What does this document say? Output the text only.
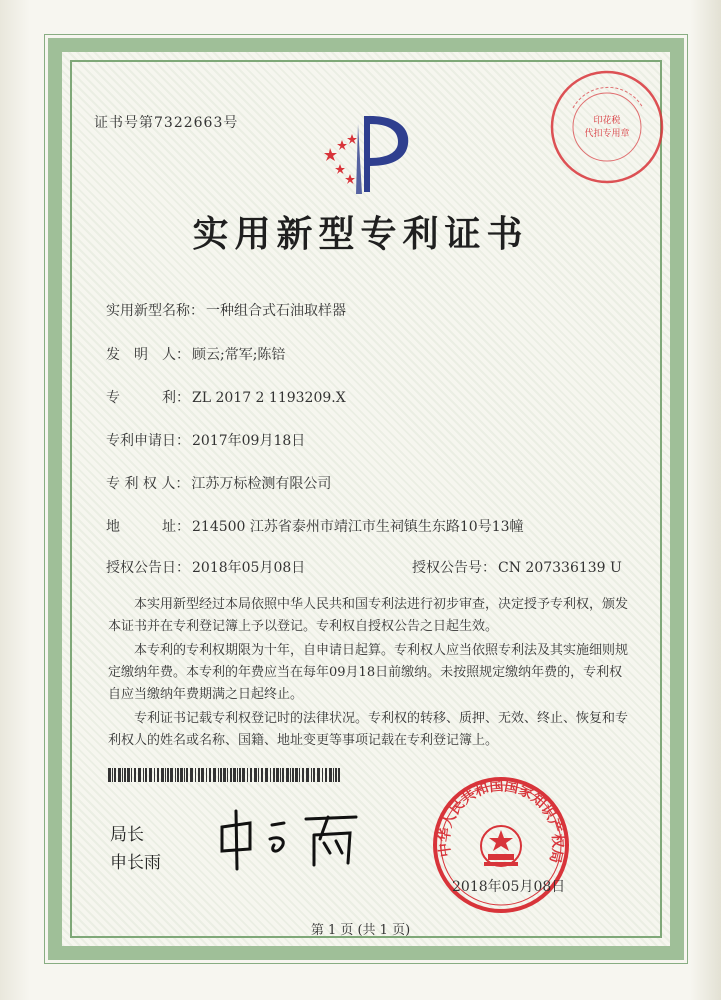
证书号第7322663号	印花税
代扣专用章
实用新型专利证书
实用新型名称： 一种组合式石油取样器
发　明　人： 顾云;常军;陈锫
专　　　利： ZL 2017 2 1193209.X
专利申请日： 2017年09月18日
专 利 权 人： 江苏万标检测有限公司
地　　　址： 214500 江苏省泰州市靖江市生祠镇生东路10号13幢
授权公告日： 2018年05月08日	授权公告号： CN 207336139 U

本实用新型经过本局依照中华人民共和国专利法进行初步审查，决定授予专利权，颁发本证书并在专利登记簿上予以登记。专利权自授权公告之日起生效。

本专利的专利权期限为十年，自申请日起算。专利权人应当依照专利法及其实施细则规定缴纳年费。本专利的年费应当在每年09月18日前缴纳。未按照规定缴纳年费的，专利权自应当缴纳年费期满之日起终止。

专利证书记载专利权登记时的法律状况。专利权的转移、质押、无效、终止、恢复和专利权人的姓名或名称、国籍、地址变更等事项记载在专利登记簿上。

局长
申长雨
中华人民共和国国家知识产权局
2018年05月08日
第 1 页 (共 1 页)
